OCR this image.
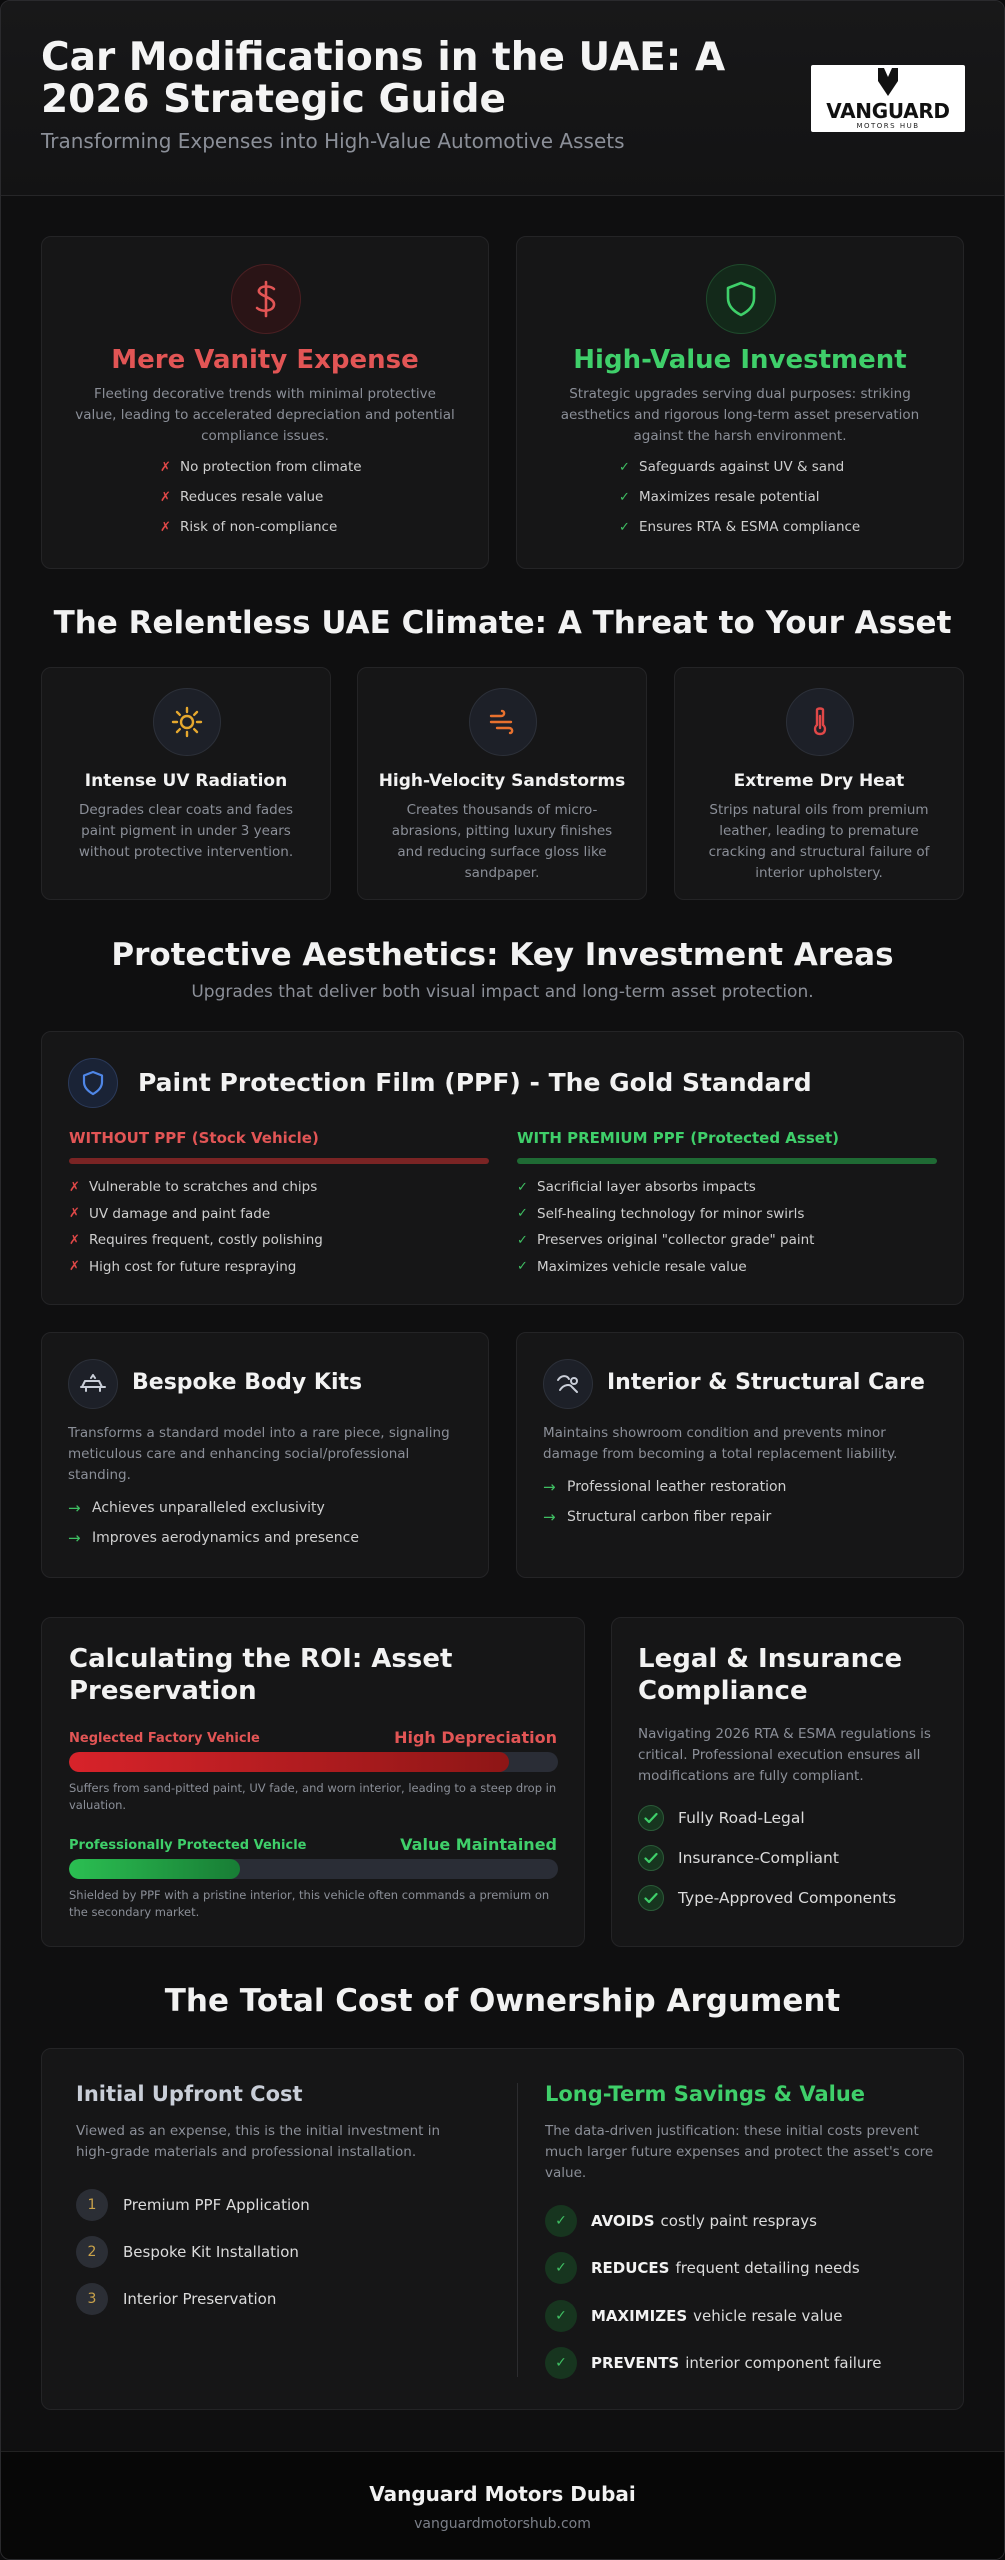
Car Modifications in the UAE: A 2026 Strategic Guide
Transforming Expenses into High-Value Automotive Assets
VANGUARD
MOTORS HUB
Mere Vanity Expense
Fleeting decorative trends with minimal protective value, leading to accelerated depreciation and potential compliance issues.
✗ No protection from climate
✗ Reduces resale value
✗ Risk of non-compliance
High-Value Investment
Strategic upgrades serving dual purposes: striking aesthetics and rigorous long-term asset preservation against the harsh environment.
✓ Safeguards against UV & sand
✓ Maximizes resale potential
✓ Ensures RTA & ESMA compliance
The Relentless UAE Climate: A Threat to Your Asset
Intense UV Radiation
Degrades clear coats and fades paint pigment in under 3 years without protective intervention.
High-Velocity Sandstorms
Creates thousands of micro-abrasions, pitting luxury finishes and reducing surface gloss like sandpaper.
Extreme Dry Heat
Strips natural oils from premium leather, leading to premature cracking and structural failure of interior upholstery.
Protective Aesthetics: Key Investment Areas
Upgrades that deliver both visual impact and long-term asset protection.
Paint Protection Film (PPF) - The Gold Standard
WITHOUT PPF (Stock Vehicle)
✗ Vulnerable to scratches and chips
✗ UV damage and paint fade
✗ Requires frequent, costly polishing
✗ High cost for future respraying
WITH PREMIUM PPF (Protected Asset)
✓ Sacrificial layer absorbs impacts
✓ Self-healing technology for minor swirls
✓ Preserves original "collector grade" paint
✓ Maximizes vehicle resale value
Bespoke Body Kits
Transforms a standard model into a rare piece, signaling meticulous care and enhancing social/professional standing.
→ Achieves unparalleled exclusivity
→ Improves aerodynamics and presence
Interior & Structural Care
Maintains showroom condition and prevents minor damage from becoming a total replacement liability.
→ Professional leather restoration
→ Structural carbon fiber repair
Calculating the ROI: Asset Preservation
Neglected Factory Vehicle	High Depreciation
Suffers from sand-pitted paint, UV fade, and worn interior, leading to a steep drop in valuation.
Professionally Protected Vehicle	Value Maintained
Shielded by PPF with a pristine interior, this vehicle often commands a premium on the secondary market.
Legal & Insurance Compliance
Navigating 2026 RTA & ESMA regulations is critical. Professional execution ensures all modifications are fully compliant.
Fully Road-Legal
Insurance-Compliant
Type-Approved Components
The Total Cost of Ownership Argument
Initial Upfront Cost
Viewed as an expense, this is the initial investment in high-grade materials and professional installation.
1	Premium PPF Application
2	Bespoke Kit Installation
3	Interior Preservation
Long-Term Savings & Value
The data-driven justification: these initial costs prevent much larger future expenses and protect the asset's core value.
✓	AVOIDS costly paint resprays
✓	REDUCES frequent detailing needs
✓	MAXIMIZES vehicle resale value
✓	PREVENTS interior component failure
Vanguard Motors Dubai
vanguardmotorshub.com
